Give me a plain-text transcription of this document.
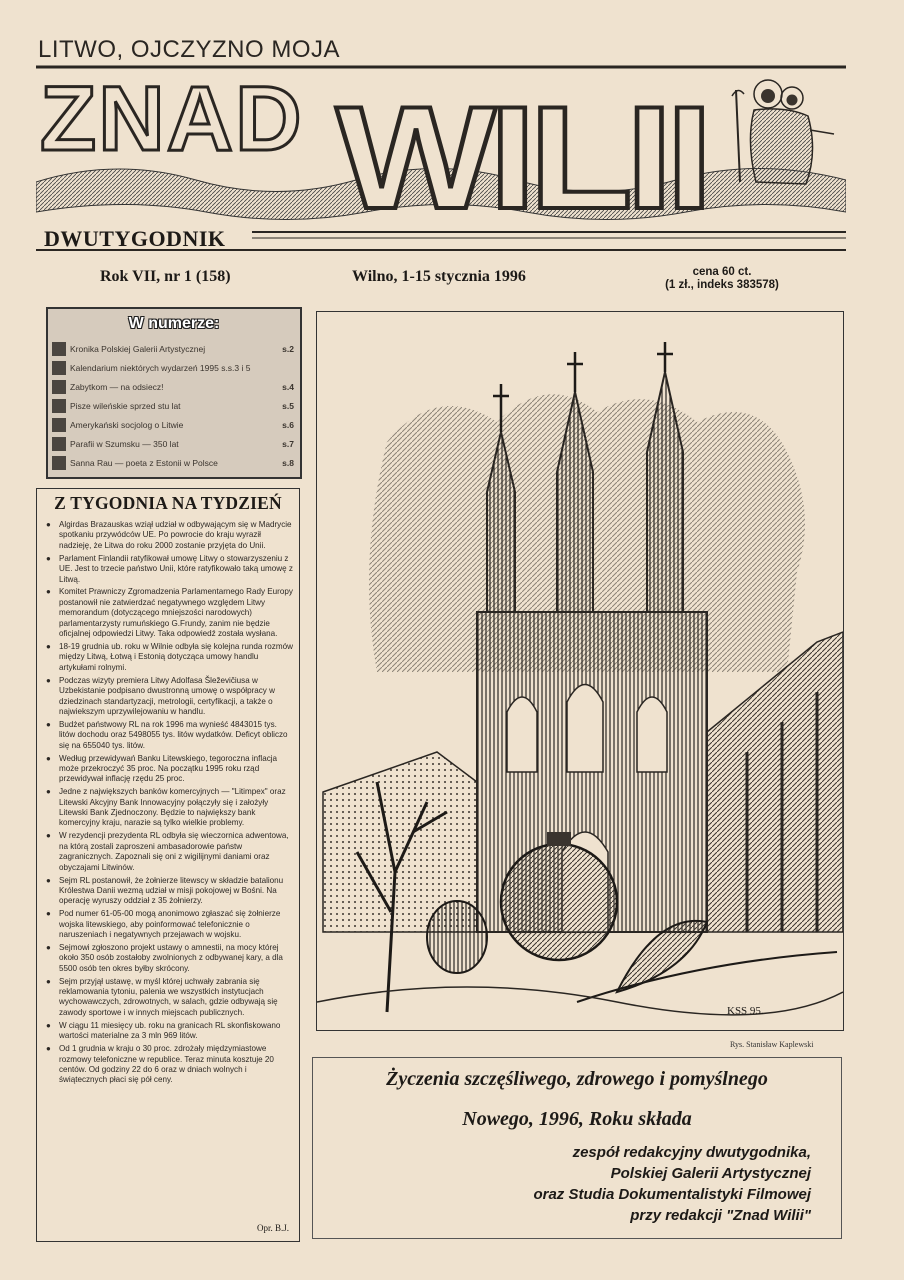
LITWO, OJCZYZNO MOJA
ZNAD WILII
DWUTYGODNIK
Rok VII, nr 1 (158)	Wilno, 1-15 stycznia 1996	cena 60 ct.
(1 zł., indeks 383578)
W numerze:
Kronika Polskiej Galerii Artystycznej	s.2
Kalendarium niektórych wydarzeń 1995 s.s.3 i 5
Zabytkom — na odsiecz!	s.4
Pisze wileńskie sprzed stu lat	s.5
Amerykański socjolog o Litwie	s.6
Parafii w Szumsku — 350 lat	s.7
Sanna Rau — poeta z Estonii w Polsce	s.8
Z TYGODNIA NA TYDZIEŃ
● Algirdas Brazauskas wziął udział w odbywającym się w Madrycie spotkaniu przywódców UE. Po powrocie do kraju wyraził nadzieję, że Litwa do roku 2000 zostanie przyjęta do Unii.
● Parlament Finlandii ratyfikował umowę Litwy o stowarzyszeniu z UE. Jest to trzecie państwo Unii, które ratyfikowało taką umowę z Litwą.
● Komitet Prawniczy Zgromadzenia Parlamentarnego Rady Europy postanowił nie zatwierdzać negatywnego względem Litwy memorandum (dotyczącego mniejszości narodowych) parlamentarzysty rumuńskiego G.Frundy, zanim nie będzie oficjalnej odpowiedzi Litwy. Taka odpowiedź została wysłana.
● 18-19 grudnia ub. roku w Wilnie odbyła się kolejna runda rozmów między Litwą, Łotwą i Estonią dotycząca umowy handlu artykułami rolnymi.
● Podczas wizyty premiera Litwy Adolfasa Šleževičiusa w Uzbekistanie podpisano dwustronną umowę o współpracy w dziedzinach standartyzacji, metrologii, certyfikacji, a także o najwiekszym uprzywilejowaniu w handlu.
● Budżet państwowy RL na rok 1996 ma wynieść 4843015 tys. litów dochodu oraz 5498055 tys. litów wydatków. Deficyt obliczo się na 655040 tys. litów.
● Według przewidywań Banku Litewskiego, tegoroczna inflacja może przekroczyć 35 proc. Na początku 1995 roku rząd przewidywał inflację rzędu 25 proc.
● Jedne z największych banków komercyjnych — "Litimpex" oraz Litewski Akcyjny Bank Innowacyjny połączyły się i założyły Litewski Bank Zjednoczony. Będzie to największy bank komercyjny kraju, narazie są tylko wielkie problemy.
● W rezydencji prezydenta RL odbyła się wieczornica adwentowa, na którą zostali zaproszeni ambasadorowie państw zagranicznych. Zapoznali się oni z wigilijnymi daniami oraz obyczajami Litwinów.
● Sejm RL postanowił, że żołnierze litewscy w składzie batalionu Królestwa Danii wezmą udział w misji pokojowej w Bośni. Na operację wyruszy oddział z 35 żołnierzy.
● Pod numer 61-05-00 mogą anonimowo zgłaszać się żołnierze wojska litewskiego, aby poinformować telefonicznie o naruszeniach i negatywnych przejawach w wojsku.
● Sejmowi zgłoszono projekt ustawy o amnestii, na mocy której około 350 osób zostałoby zwolnionych z odbywanej kary, a dla 5500 osób ten okres byłby skrócony.
● Sejm przyjął ustawę, w myśl której uchwały zabrania się reklamowania tytoniu, palenia we wszystkich instytucjach wychowawczych, zdrowotnych, w salach, gdzie odbywają się zawody sportowe i w innych miejscach publicznych.
● W ciągu 11 miesięcy ub. roku na granicach RL skonfiskowano wartości materialne za 3 mln 969 litów.
● Od 1 grudnia w kraju o 30 proc. zdrożały międzymiastowe rozmowy telefoniczne w republice. Teraz minuta kosztuje 20 centów. Od godziny 22 do 6 oraz w dniach wolnych i świątecznych płaci się pół ceny.
Opr. B.J.
KSS 95.
Rys. Stanisław Kaplewski
Życzenia szczęśliwego, zdrowego i pomyślnego
Nowego, 1996, Roku składa
zespół redakcyjny dwutygodnika,
Polskiej Galerii Artystycznej
oraz Studia Dokumentalistyki Filmowej
przy redakcji "Znad Wilii"
